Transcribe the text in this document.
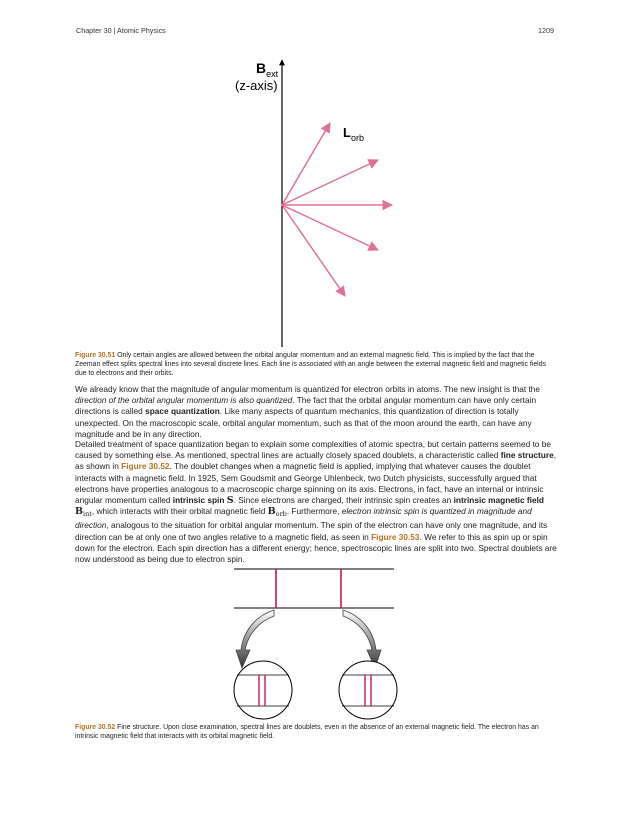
Chapter 30 | Atomic Physics	1209
$B_{ext}$
(z-axis)
$L_{orb}$
Figure 30.51 Only certain angles are allowed between the orbital angular momentum and an external magnetic field. This is implied by the fact that the Zeeman effect splits spectral lines into several discrete lines. Each line is associated with an angle between the external magnetic field and magnetic fields due to electrons and their orbits.

We already know that the magnitude of angular momentum is quantized for electron orbits in atoms. The new insight is that the direction of the orbital angular momentum is also quantized. The fact that the orbital angular momentum can have only certain directions is called space quantization. Like many aspects of quantum mechanics, this quantization of direction is totally unexpected. On the macroscopic scale, orbital angular momentum, such as that of the moon around the earth, can have any magnitude and be in any direction.

Detailed treatment of space quantization began to explain some complexities of atomic spectra, but certain patterns seemed to be caused by something else. As mentioned, spectral lines are actually closely spaced doublets, a characteristic called fine structure, as shown in Figure 30.52. The doublet changes when a magnetic field is applied, implying that whatever causes the doublet interacts with a magnetic field. In 1925, Sem Goudsmit and George Uhlenbeck, two Dutch physicists, successfully argued that electrons have properties analogous to a macroscopic charge spinning on its axis. Electrons, in fact, have an internal or intrinsic angular momentum called intrinsic spin S. Since electrons are charged, their intrinsic spin creates an intrinsic magnetic field $B_{int}$, which interacts with their orbital magnetic field $B_{orb}$. Furthermore, electron intrinsic spin is quantized in magnitude and direction, analogous to the situation for orbital angular momentum. The spin of the electron can have only one magnitude, and its direction can be at only one of two angles relative to a magnetic field, as seen in Figure 30.53. We refer to this as spin up or spin down for the electron. Each spin direction has a different energy; hence, spectroscopic lines are split into two. Spectral doublets are now understood as being due to electron spin.

Figure 30.52 Fine structure. Upon close examination, spectral lines are doublets, even in the absence of an external magnetic field. The electron has an intrinsic magnetic field that interacts with its orbital magnetic field.
